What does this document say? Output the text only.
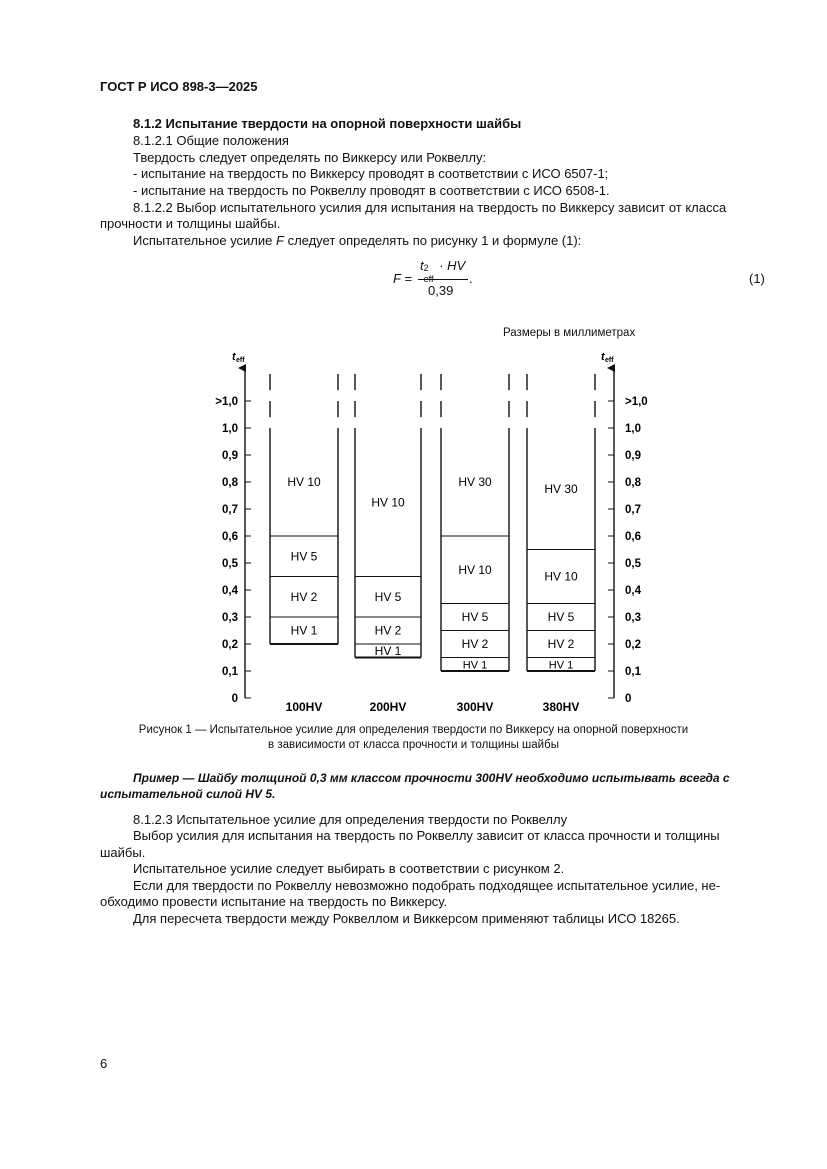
ГОСТ Р ИСО 898-3—2025
8.1.2 Испытание твердости на опорной поверхности шайбы
8.1.2.1 Общие положения
Твердость следует определять по Виккерсу или Роквеллу:
- испытание на твердость по Виккерсу проводят в соответствии с ИСО 6507-1;
- испытание на твердость по Роквеллу проводят в соответствии с ИСО 6508-1.
8.1.2.2 Выбор испытательного усилия для испытания на твердость по Виккерсу зависит от класса
прочности и толщины шайбы.
Испытательное усилие F следует определять по рисунку 1 и формуле (1):
F =
t 2
eff
· HV
0,39
.	(1)
Размеры в миллиметрах
t eff	t eff
0	0
0,1	0,1
0,2	0,2
0,3	0,3
0,4	0,4
0,5	0,5
0,6	0,6
0,7	0,7
0,8	0,8
0,9	0,9
1,0	1,0
>1,0	>1,0
HV 1
HV 2
HV 5
HV 10
100HV
HV 1
HV 2
HV 5
HV 10
200HV
HV 1
HV 2
HV 5
HV 10
HV 30
300HV
HV 1
HV 2
HV 5
HV 10
HV 30
380HV
Рисунок 1 — Испытательное усилие для определения твердости по Виккерсу на опорной поверхности
в зависимости от класса прочности и толщины шайбы
Пример — Шайбу толщиной 0,3 мм классом прочности 300HV необходимо испытывать всегда с
испытательной силой HV 5.
8.1.2.3 Испытательное усилие для определения твердости по Роквеллу
Выбор усилия для испытания на твердость по Роквеллу зависит от класса прочности и толщины
шайбы.
Испытательное усилие следует выбирать в соответствии с рисунком 2.
Если для твердости по Роквеллу невозможно подобрать подходящее испытательное усилие, не-
обходимо провести испытание на твердость по Виккерсу.
Для пересчета твердости между Роквеллом и Виккерсом применяют таблицы ИСО 18265.
6
